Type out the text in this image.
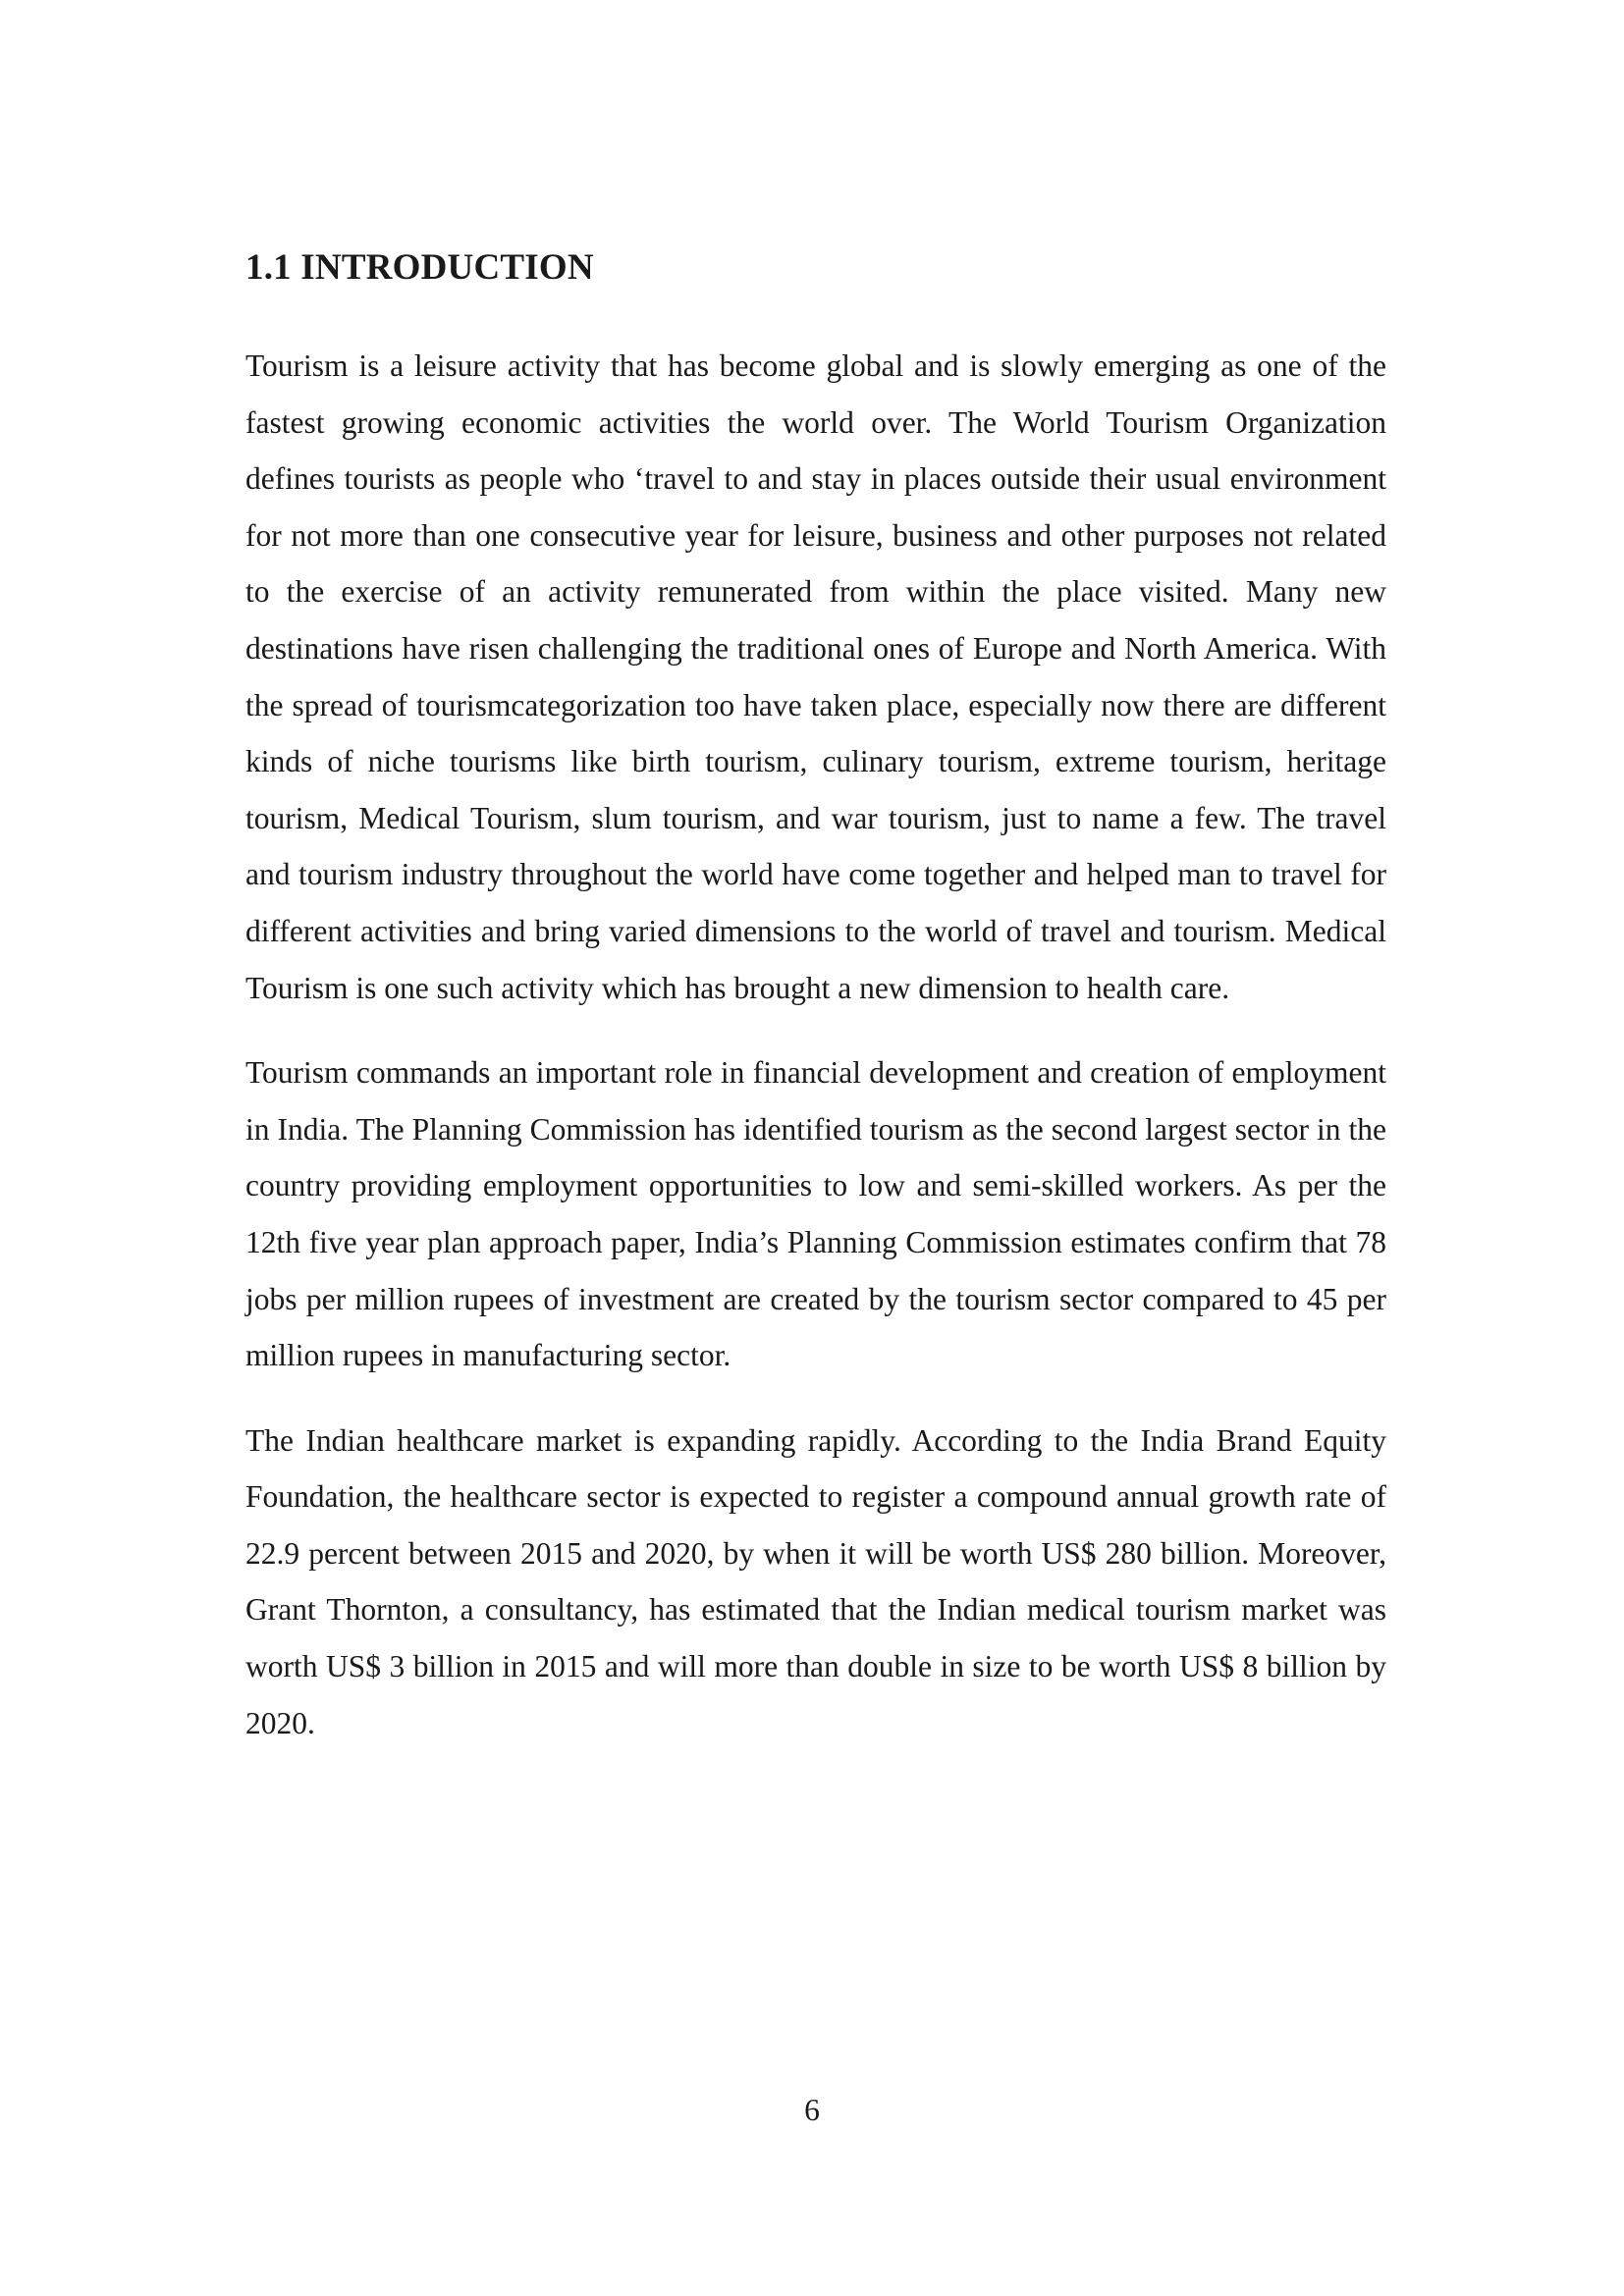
1.1 INTRODUCTION

Tourism is a leisure activity that has become global and is slowly emerging as one of the fastest growing economic activities the world over. The World Tourism Organization defines tourists as people who ‘travel to and stay in places outside their usual environment for not more than one consecutive year for leisure, business and other purposes not related to the exercise of an activity remunerated from within the place visited. Many new destinations have risen challenging the traditional ones of Europe and North America. With the spread of tourismcategorization too have taken place, especially now there are different kinds of niche tourisms like birth tourism, culinary tourism, extreme tourism, heritage tourism, Medical Tourism, slum tourism, and war tourism, just to name a few. The travel and tourism industry throughout the world have come together and helped man to travel for different activities and bring varied dimensions to the world of travel and tourism. Medical Tourism is one such activity which has brought a new dimension to health care.

Tourism commands an important role in financial development and creation of employment in India. The Planning Commission has identified tourism as the second largest sector in the country providing employment opportunities to low and semi-skilled workers. As per the 12th five year plan approach paper, India’s Planning Commission estimates confirm that 78 jobs per million rupees of investment are created by the tourism sector compared to 45 per million rupees in manufacturing sector.

The Indian healthcare market is expanding rapidly. According to the India Brand Equity Foundation, the healthcare sector is expected to register a compound annual growth rate of 22.9 percent between 2015 and 2020, by when it will be worth US$ 280 billion. Moreover, Grant Thornton, a consultancy, has estimated that the Indian medical tourism market was worth US$ 3 billion in 2015 and will more than double in size to be worth US$ 8 billion by 2020.

6
